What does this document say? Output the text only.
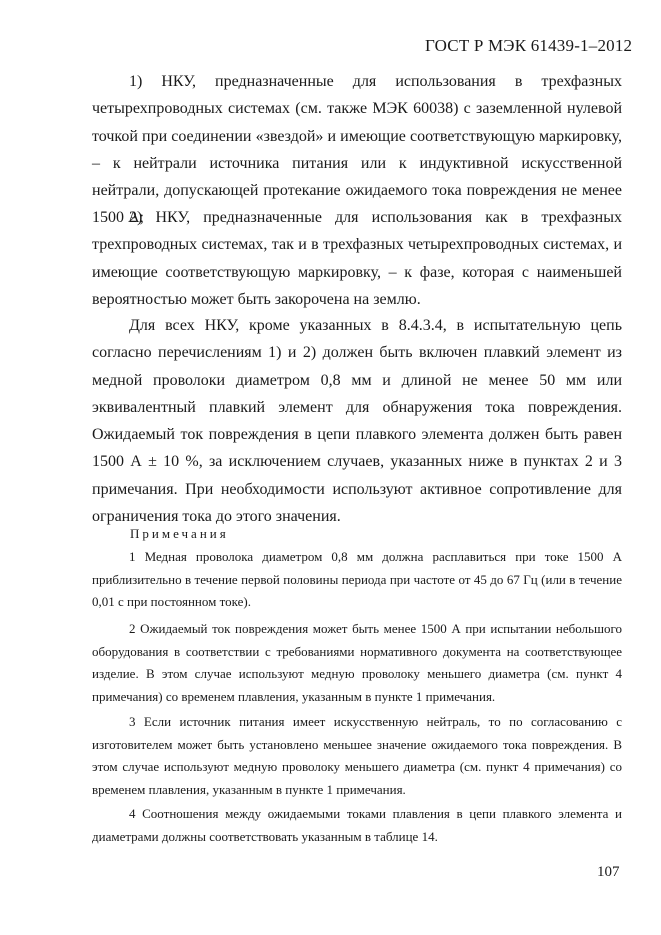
ГОСТ Р МЭК 61439-1–2012

1) НКУ, предназначенные для использования в трехфазных четырехпроводных системах (см. также МЭК 60038) с заземленной нулевой точкой при соединении «звездой» и имеющие соответствующую маркировку, – к нейтрали источника питания или к индуктивной искусственной нейтрали, допускающей протекание ожидаемого тока повреждения не менее 1500 А;

2) НКУ, предназначенные для использования как в трехфазных трехпроводных системах, так и в трехфазных четырехпроводных системах, и имеющие соответствующую маркировку, – к фазе, которая с наименьшей вероятностью может быть закорочена на землю.

Для всех НКУ, кроме указанных в 8.4.3.4, в испытательную цепь согласно перечислениям 1) и 2) должен быть включен плавкий элемент из медной проволоки диаметром 0,8 мм и длиной не менее 50 мм или эквивалентный плавкий элемент для обнаружения тока повреждения. Ожидаемый ток повреждения в цепи плавкого элемента должен быть равен 1500 А ± 10 %, за исключением случаев, указанных ниже в пунктах 2 и 3 примечания. При необходимости используют активное сопротивление для ограничения тока до этого значения.

Примечания

1 Медная проволока диаметром 0,8 мм должна расплавиться при токе 1500 А приблизительно в течение первой половины периода при частоте от 45 до 67 Гц (или в течение 0,01 с при постоянном токе).

2 Ожидаемый ток повреждения может быть менее 1500 А при испытании небольшого оборудования в соответствии с требованиями нормативного документа на соответствующее изделие. В этом случае используют медную проволоку меньшего диаметра (см. пункт 4 примечания) со временем плавления, указанным в пункте 1 примечания.

3 Если источник питания имеет искусственную нейтраль, то по согласованию с изготовителем может быть установлено меньшее значение ожидаемого тока повреждения. В этом случае используют медную проволоку меньшего диаметра (см. пункт 4 примечания) со временем плавления, указанным в пункте 1 примечания.

4 Соотношения между ожидаемыми токами плавления в цепи плавкого элемента и диаметрами должны соответствовать указанным в таблице 14.

107
